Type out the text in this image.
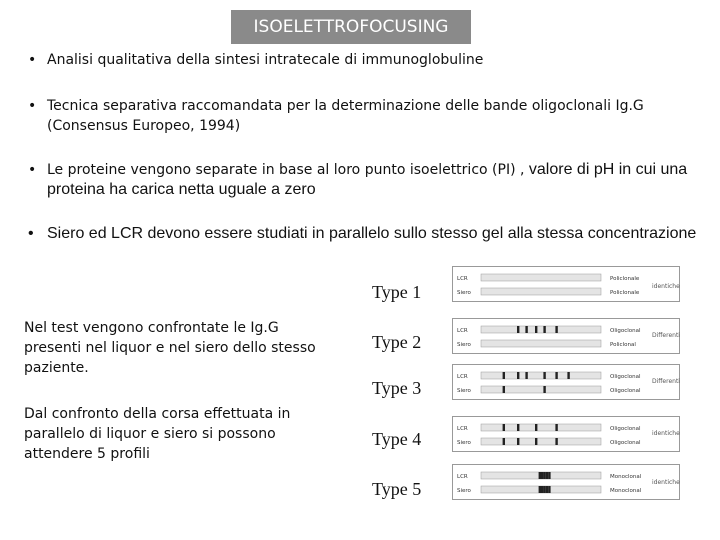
ISOELETTROFOCUSING
• Analisi qualitativa della sintesi intratecale di immunoglobuline
• Tecnica separativa raccomandata per la determinazione delle bande oligoclonali Ig.G (Consensus Europeo, 1994)
• Le proteine vengono separate in base al loro punto isoelettrico (PI) , valore di pH in cui una proteina ha carica netta uguale a zero
• Siero ed LCR devono essere studiati in parallelo sullo stesso gel alla stessa concentrazione
Nel test vengono confrontate le Ig.G presenti nel liquor e nel siero dello stesso paziente.
Dal confronto della corsa effettuata in parallelo di liquor e siero si possono attendere 5 profili
Type 1
Type 2
Type 3
Type 4
Type 5
LCR	Policlonale
Siero	Policlonale
LCR	Oligoclonal
Siero	Policlonal
LCR	Oligoclonal
Siero	Oligoclonal
LCR	Oligoclonal
Siero	Oligoclonal
LCR	Monoclonal
Siero	Monoclonal
identiche
Differenti
Differenti
identiche
identiche
